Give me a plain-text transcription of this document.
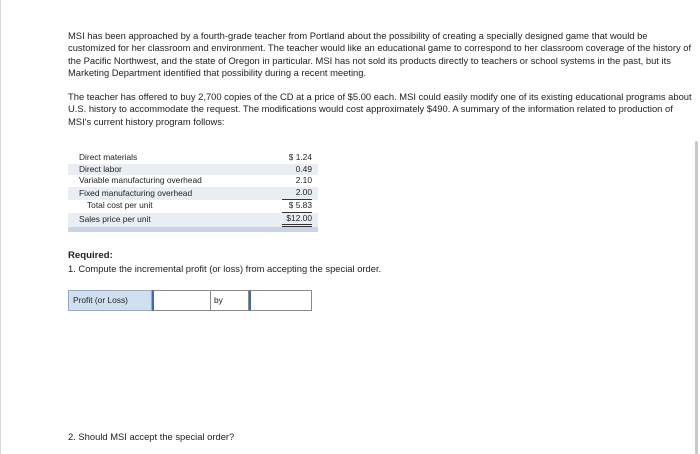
MSI has been approached by a fourth-grade teacher from Portland about the possibility of creating a specially designed game that would be customized for her classroom and environment. The teacher would like an educational game to correspond to her classroom coverage of the history of the Pacific Northwest, and the state of Oregon in particular. MSI has not sold its products directly to teachers or school systems in the past, but its Marketing Department identified that possibility during a recent meeting.

The teacher has offered to buy 2,700 copies of the CD at a price of $5.00 each. MSI could easily modify one of its existing educational programs about U.S. history to accommodate the request. The modifications would cost approximately $490. A summary of the information related to production of MSI's current history program follows:

Direct materials	$ 1.24
Direct labor	0.49
Variable manufacturing overhead	2.10
Fixed manufacturing overhead	2.00
Total cost per unit	$ 5.83
Sales price per unit	$12.00

Required:
1. Compute the incremental profit (or loss) from accepting the special order.
Profit (or Loss)	by
2. Should MSI accept the special order?
